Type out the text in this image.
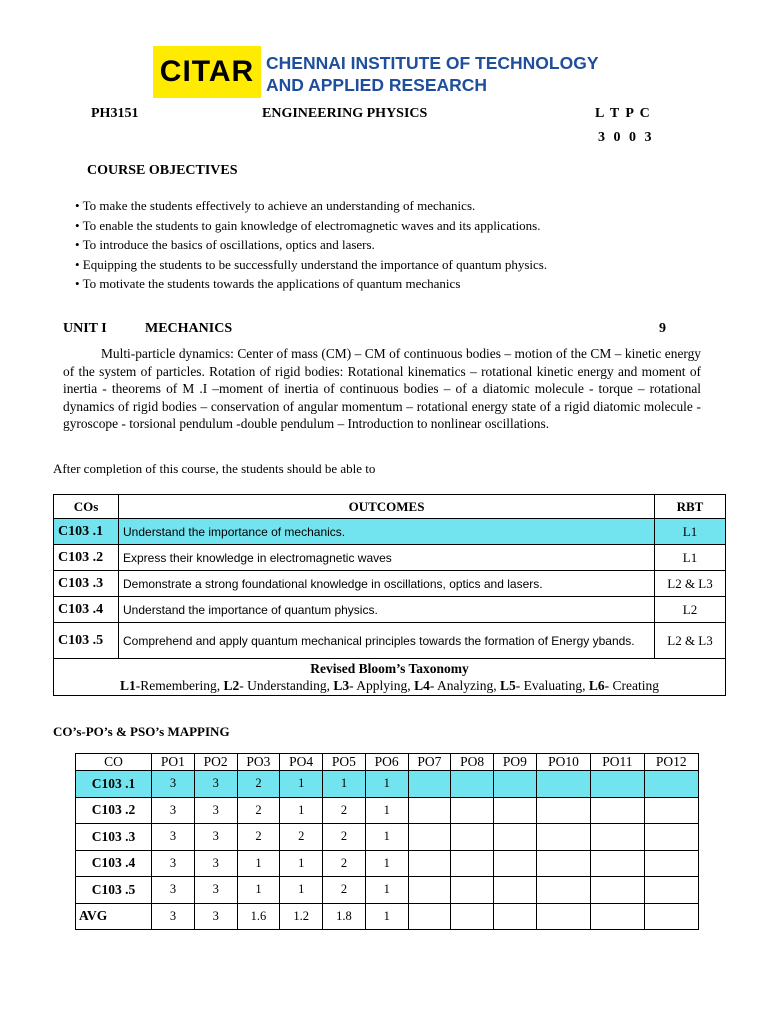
CITAR CHENNAI INSTITUTE OF TECHNOLOGY
AND APPLIED RESEARCH
PH3151	ENGINEERING PHYSICS	L T P C
3 0 0 3
COURSE OBJECTIVES
• To make the students effectively to achieve an understanding of mechanics.
• To enable the students to gain knowledge of electromagnetic waves and its applications.
• To introduce the basics of oscillations, optics and lasers.
• Equipping the students to be successfully understand the importance of quantum physics.
• To motivate the students towards the applications of quantum mechanics
UNIT I	MECHANICS	9

Multi-particle dynamics: Center of mass (CM) – CM of continuous bodies – motion of the CM – kinetic energy of the system of particles. Rotation of rigid bodies: Rotational kinematics – rotational kinetic energy and moment of inertia - theorems of M .I –moment of inertia of continuous bodies – of a diatomic molecule - torque – rotational dynamics of rigid bodies – conservation of angular momentum – rotational energy state of a rigid diatomic molecule - gyroscope - torsional pendulum -double pendulum – Introduction to nonlinear oscillations.

After completion of this course, the students should be able to
COs	OUTCOMES	RBT
C103 .1	Understand the importance of mechanics.	L1
C103 .2	Express their knowledge in electromagnetic waves	L1
C103 .3	Demonstrate a strong foundational knowledge in oscillations, optics and lasers.	L2 & L3
C103 .4	Understand the importance of quantum physics.	L2
C103 .5	Comprehend and apply quantum mechanical principles towards the formation of Energy ybands.	L2 & L3

Revised Bloom’s Taxonomy
L1-Remembering, L2- Understanding, L3- Applying, L4- Analyzing, L5- Evaluating, L6- Creating		
CO’s-PO’s & PSO’s MAPPING
CO	PO1	PO2	PO3	PO4	PO5	PO6	PO7	PO8	PO9	PO10	PO11	PO12
C103 .1	3	3	2	1	1	1						
C103 .2	3	3	2	1	2	1						
C103 .3	3	3	2	2	2	1						
C103 .4	3	3	1	1	2	1						
C103 .5	3	3	1	1	2	1						
AVG	3	3	1.6	1.2	1.8	1						
